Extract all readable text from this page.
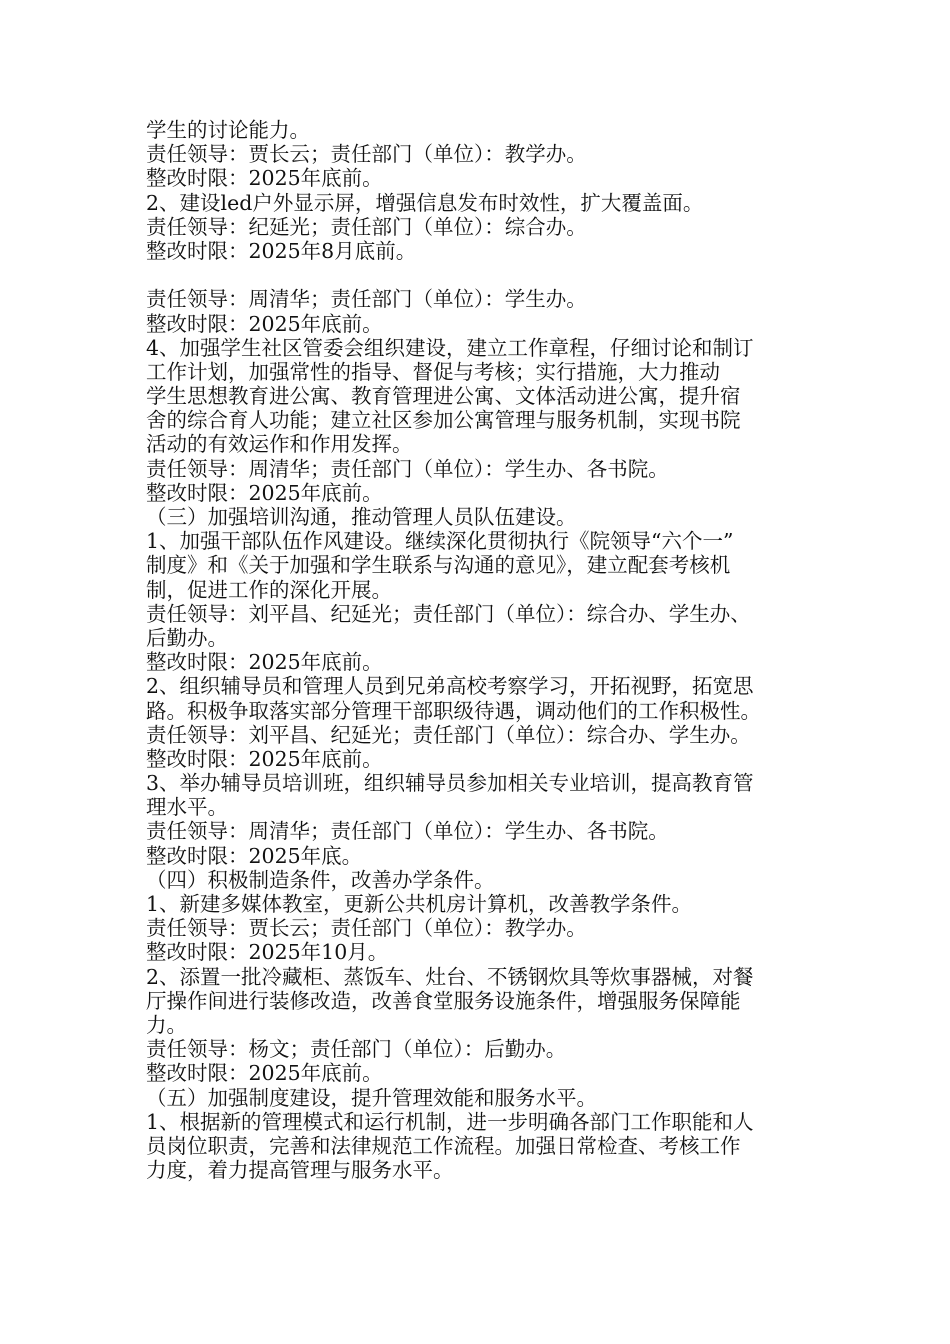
学生的讨论能力。
责任领导：贾长云；责任部门（单位）：教学办。
整改时限：2025年底前。
2、建设led户外显示屏，增强信息发布时效性，扩大覆盖面。
责任领导：纪延光；责任部门（单位）：综合办。
整改时限：2025年8月底前。
责任领导：周清华；责任部门（单位）：学生办。
整改时限：2025年底前。
4、加强学生社区管委会组织建设，建立工作章程，仔细讨论和制订
工作计划，加强常性的指导、督促与考核；实行措施，大力推动
学生思想教育进公寓、教育管理进公寓、文体活动进公寓，提升宿
舍的综合育人功能；建立社区参加公寓管理与服务机制，实现书院
活动的有效运作和作用发挥。
责任领导：周清华；责任部门（单位）：学生办、各书院。
整改时限：2025年底前。
（三）加强培训沟通，推动管理人员队伍建设。
1、加强干部队伍作风建设。继续深化贯彻执行《院领导“六个一”
制度》和《关于加强和学生联系与沟通的意见》，建立配套考核机
制，促进工作的深化开展。
责任领导：刘平昌、纪延光；责任部门（单位）：综合办、学生办、
后勤办。
整改时限：2025年底前。
2、组织辅导员和管理人员到兄弟高校考察学习，开拓视野，拓宽思
路。积极争取落实部分管理干部职级待遇，调动他们的工作积极性。
责任领导：刘平昌、纪延光；责任部门（单位）：综合办、学生办。
整改时限：2025年底前。
3、举办辅导员培训班，组织辅导员参加相关专业培训，提高教育管
理水平。
责任领导：周清华；责任部门（单位）：学生办、各书院。
整改时限：2025年底。
（四）积极制造条件，改善办学条件。
1、新建多媒体教室，更新公共机房计算机，改善教学条件。
责任领导：贾长云；责任部门（单位）：教学办。
整改时限：2025年10月。
2、添置一批冷藏柜、蒸饭车、灶台、不锈钢炊具等炊事器械，对餐
厅操作间进行装修改造，改善食堂服务设施条件，增强服务保障能
力。
责任领导：杨文；责任部门（单位）：后勤办。
整改时限：2025年底前。
（五）加强制度建设，提升管理效能和服务水平。
1、根据新的管理模式和运行机制，进一步明确各部门工作职能和人
员岗位职责，完善和法律规范工作流程。加强日常检查、考核工作
力度，着力提高管理与服务水平。
